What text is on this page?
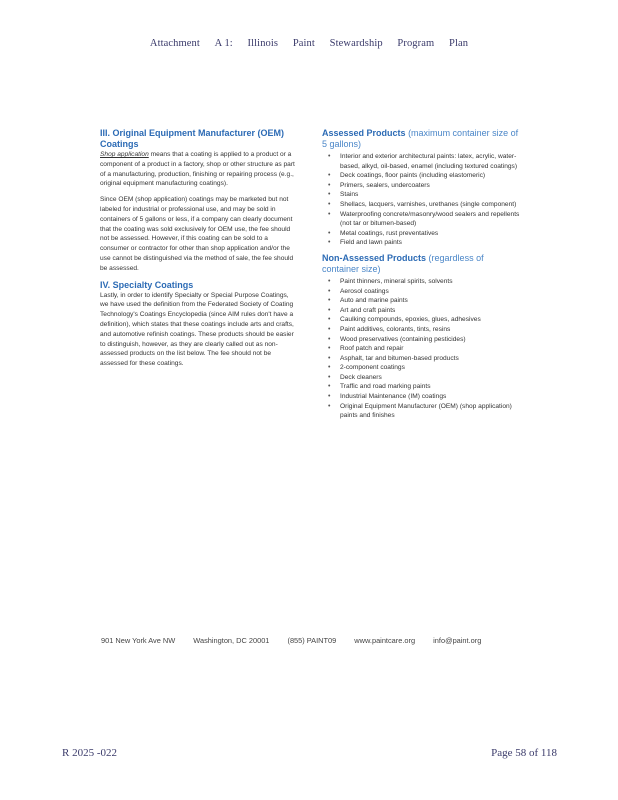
Attachment A 1: Illinois Paint Stewardship Program Plan
III. Original Equipment Manufacturer (OEM) Coatings

Shop application means that a coating is applied to a product or a component of a product in a factory, shop or other structure as part of a manufacturing, production, finishing or repairing process (e.g., original equipment manufacturing coatings).

Since OEM (shop application) coatings may be marketed but not labeled for industrial or professional use, and may be sold in containers of 5 gallons or less, if a company can clearly document that the coating was sold exclusively for OEM use, the fee should not be assessed. However, if this coating can be sold to a consumer or contractor for other than shop application and/or the use cannot be distinguished via the method of sale, the fee should be assessed.

IV. Specialty Coatings

Lastly, in order to identify Specialty or Special Purpose Coatings, we have used the definition from the Federated Society of Coating Technology's Coatings Encyclopedia (since AIM rules don't have a definition), which states that these coatings include arts and crafts, and automotive refinish coatings. These products should be easier to distinguish, however, as they are clearly called out as non-assessed products on the list below. The fee should not be assessed for these coatings.

Assessed Products (maximum container size of 5 gallons)
• Interior and exterior architectural paints: latex, acrylic, water-based, alkyd, oil-based, enamel (including textured coatings)
• Deck coatings, floor paints (including elastomeric)
• Primers, sealers, undercoaters
• Stains
• Shellacs, lacquers, varnishes, urethanes (single component)
• Waterproofing concrete/masonry/wood sealers and repellents (not tar or bitumen-based)
• Metal coatings, rust preventatives
• Field and lawn paints
Non-Assessed Products (regardless of container size)
• Paint thinners, mineral spirits, solvents
• Aerosol coatings
• Auto and marine paints
• Art and craft paints
• Caulking compounds, epoxies, glues, adhesives
• Paint additives, colorants, tints, resins
• Wood preservatives (containing pesticides)
• Roof patch and repair
• Asphalt, tar and bitumen-based products
• 2-component coatings
• Deck cleaners
• Traffic and road marking paints
• Industrial Maintenance (IM) coatings
• Original Equipment Manufacturer (OEM) (shop application) paints and finishes
901 New York Ave NW Washington, DC 20001 (855) PAINT09 www.paintcare.org info@paint.org
R 2025 -022	Page 58 of 118
